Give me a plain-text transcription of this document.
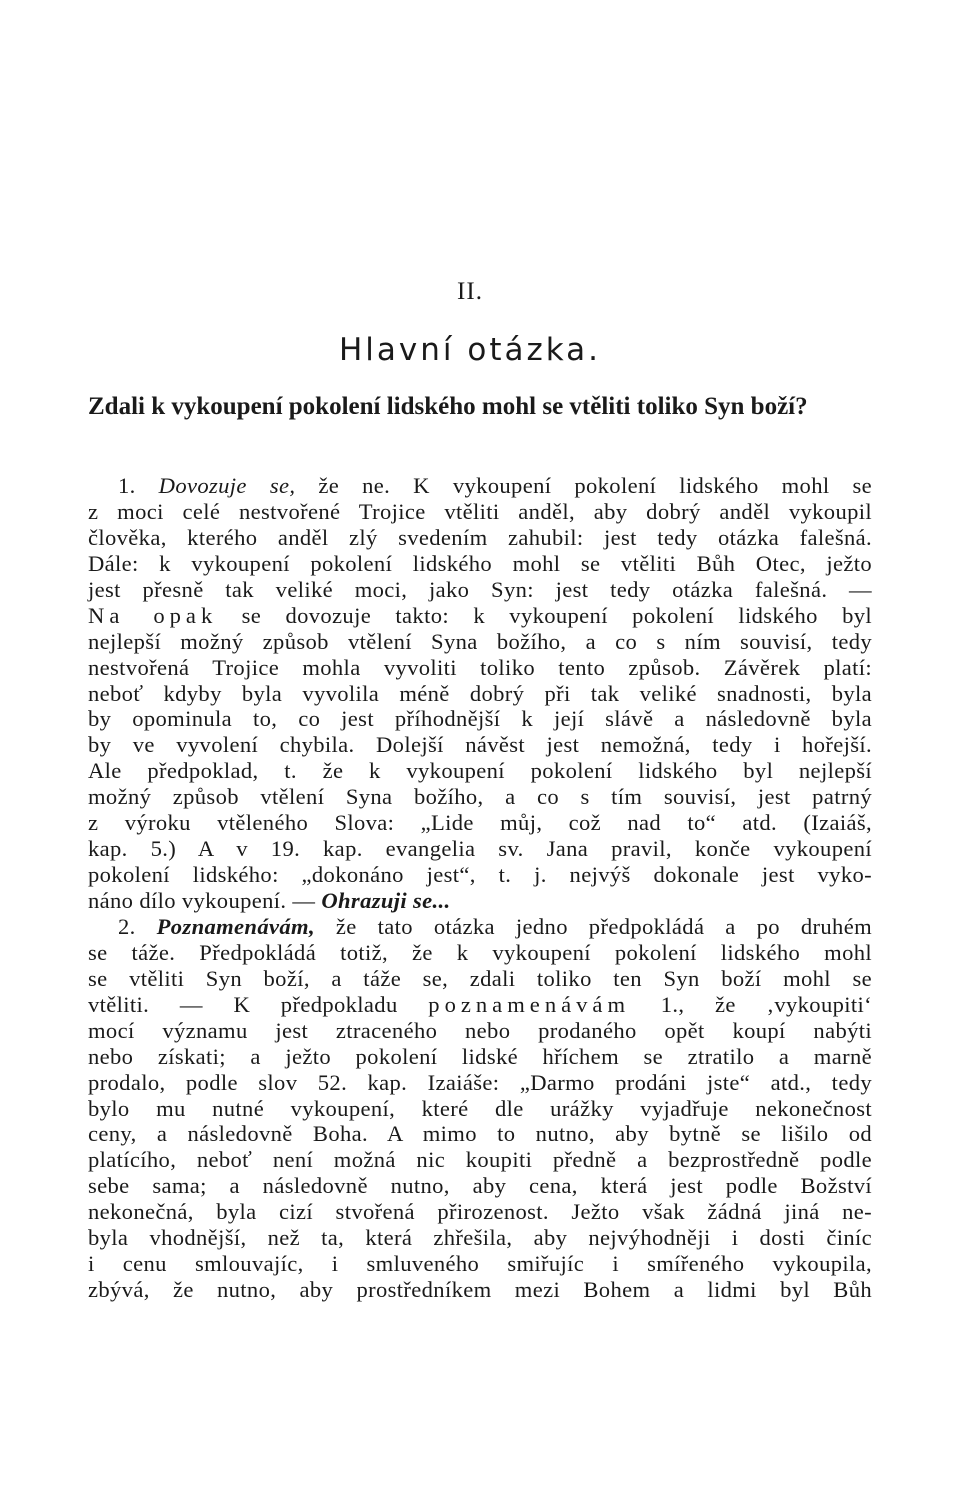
II.
Hlavní otázka.
Zdali k vykoupení pokolení lidského mohl se vtěliti toliko Syn boží?
1. Dovozuje se, že ne. K vykoupení pokolení lidského mohl se
z moci celé nestvořené Trojice vtěliti anděl, aby dobrý anděl vykoupil
člověka, kterého anděl zlý svedením zahubil: jest tedy otázka falešná.
Dále: k vykoupení pokolení lidského mohl se vtěliti Bůh Otec, ježto
jest přesně tak veliké moci, jako Syn: jest tedy otázka falešná. —
Na opak se dovozuje takto: k vykoupení pokolení lidského byl
nejlepší možný způsob vtělení Syna božího, a co s ním souvisí, tedy
nestvořená Trojice mohla vyvoliti toliko tento způsob. Závěrek platí:
neboť kdyby byla vyvolila méně dobrý při tak veliké snadnosti, byla
by opominula to, co jest příhodnější k její slávě a následovně byla
by ve vyvolení chybila. Dolejší návěst jest nemožná, tedy i hořejší.
Ale předpoklad, t. že k vykoupení pokolení lidského byl nejlepší
možný způsob vtělení Syna božího, a co s tím souvisí, jest patrný
z výroku vtěleného Slova: „Lide můj, což nad to“ atd. (Izaiáš,
kap. 5.) A v 19. kap. evangelia sv. Jana pravil, konče vykoupení
pokolení lidského: „dokonáno jest“, t. j. nejvýš dokonale jest vyko-
náno dílo vykoupení. — Ohrazuji se...
2. Poznamenávám, že tato otázka jedno předpokládá a po druhém
se táže. Předpokládá totiž, že k vykoupení pokolení lidského mohl
se vtěliti Syn boží, a táže se, zdali toliko ten Syn boží mohl se
vtěliti. — K předpokladu poznamenávám 1., že ‚vykoupiti‘
mocí významu jest ztraceného nebo prodaného opět koupí nabýti
nebo získati; a ježto pokolení lidské hříchem se ztratilo a marně
prodalo, podle slov 52. kap. Izaiáše: „Darmo prodáni jste“ atd., tedy
bylo mu nutné vykoupení, které dle urážky vyjadřuje nekonečnost
ceny, a následovně Boha. A mimo to nutno, aby bytně se lišilo od
platícího, neboť není možná nic koupiti předně a bezprostředně podle
sebe sama; a následovně nutno, aby cena, která jest podle Božství
nekonečná, byla cizí stvořená přirozenost. Ježto však žádná jiná ne-
byla vhodnější, než ta, která zhřešila, aby nejvýhodněji i dosti činíc
i cenu smlouvajíc, i smluveného smiřujíc i smířeného vykoupila,
zbývá, že nutno, aby prostředníkem mezi Bohem a lidmi byl Bůh
